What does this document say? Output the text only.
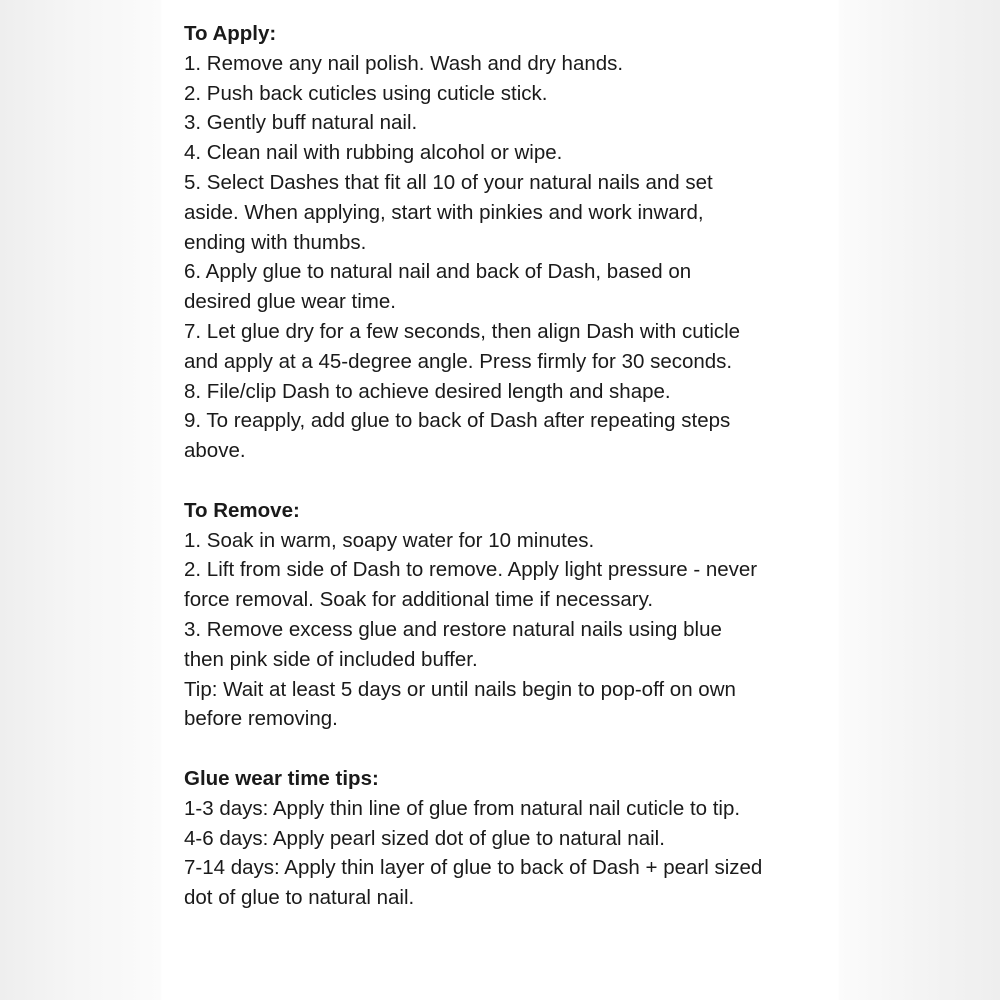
To Apply:
1. Remove any nail polish. Wash and dry hands.
2. Push back cuticles using cuticle stick.
3. Gently buff natural nail.
4. Clean nail with rubbing alcohol or wipe.
5. Select Dashes that fit all 10 of your natural nails and set aside. When applying, start with pinkies and work inward, ending with thumbs.
6. Apply glue to natural nail and back of Dash, based on desired glue wear time.
7. Let glue dry for a few seconds, then align Dash with cuticle and apply at a 45-degree angle. Press firmly for 30 seconds.
8. File/clip Dash to achieve desired length and shape.
9. To reapply, add glue to back of Dash after repeating steps above.
To Remove:
1. Soak in warm, soapy water for 10 minutes.
2. Lift from side of Dash to remove. Apply light pressure - never force removal. Soak for additional time if necessary.
3. Remove excess glue and restore natural nails using blue then pink side of included buffer.
Tip: Wait at least 5 days or until nails begin to pop-off on own before removing.
Glue wear time tips:
1-3 days: Apply thin line of glue from natural nail cuticle to tip.
4-6 days: Apply pearl sized dot of glue to natural nail.
7-14 days: Apply thin layer of glue to back of Dash + pearl sized dot of glue to natural nail.
